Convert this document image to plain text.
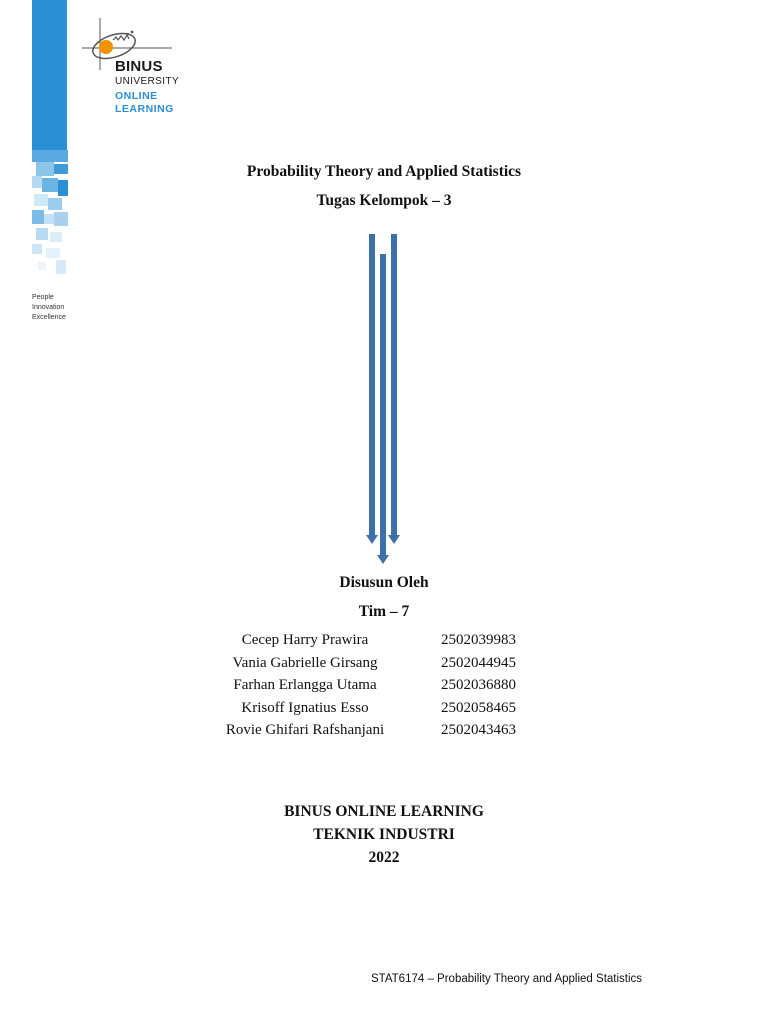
People
Innovation
Excellence
BINUS
UNIVERSITY
ONLINE
LEARNING
Probability Theory and Applied Statistics
Tugas Kelompok – 3
Disusun Oleh
Tim – 7
Cecep Harry Prawira	2502039983
Vania Gabrielle Girsang	2502044945
Farhan Erlangga Utama	2502036880
Krisoff Ignatius Esso	2502058465
Rovie Ghifari Rafshanjani	2502043463
BINUS ONLINE LEARNING
TEKNIK INDUSTRI
2022
STAT6174 – Probability Theory and Applied Statistics
